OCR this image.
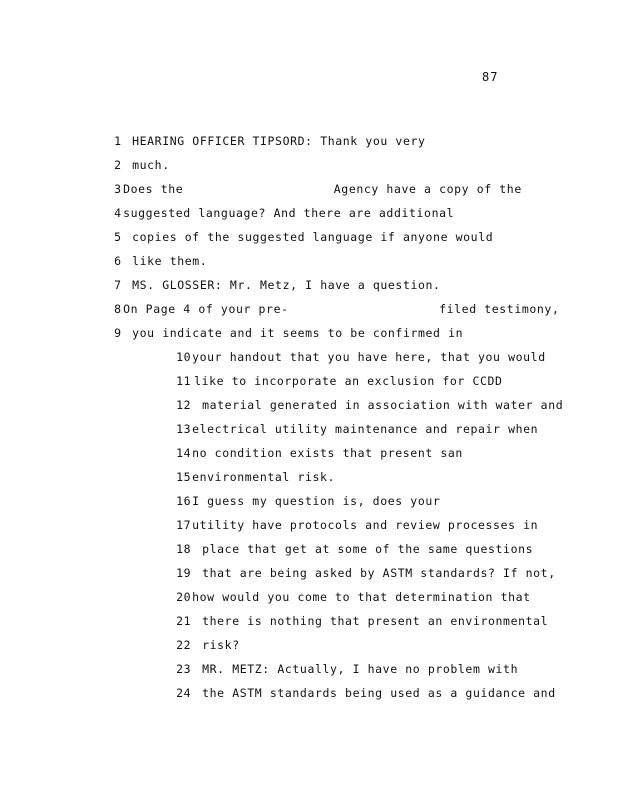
87

1 HEARING OFFICER TIPSORD: Thank you very

2 much.

3Does the                    Agency have a copy of the

4suggested language? And there are additional

5 copies of the suggested language if anyone would

6 like them.

7 MS. GLOSSER: Mr. Metz, I have a question.

8On Page 4 of your pre-                    filed testimony,

9 you indicate and it seems to be confirmed in

10your handout that you have here, that you would

11 like to incorporate an exclusion for CCDD

12 material generated in association with water and

13electrical utility maintenance and repair when

14no condition exists that present san

15environmental risk.

16I guess my question is, does your

17utility have protocols and review processes in

18 place that get at some of the same questions

19 that are being asked by ASTM standards? If not,

20how would you come to that determination that

21 there is nothing that present an environmental

22 risk?

23 MR. METZ: Actually, I have no problem with

24 the ASTM standards being used as a guidance and
